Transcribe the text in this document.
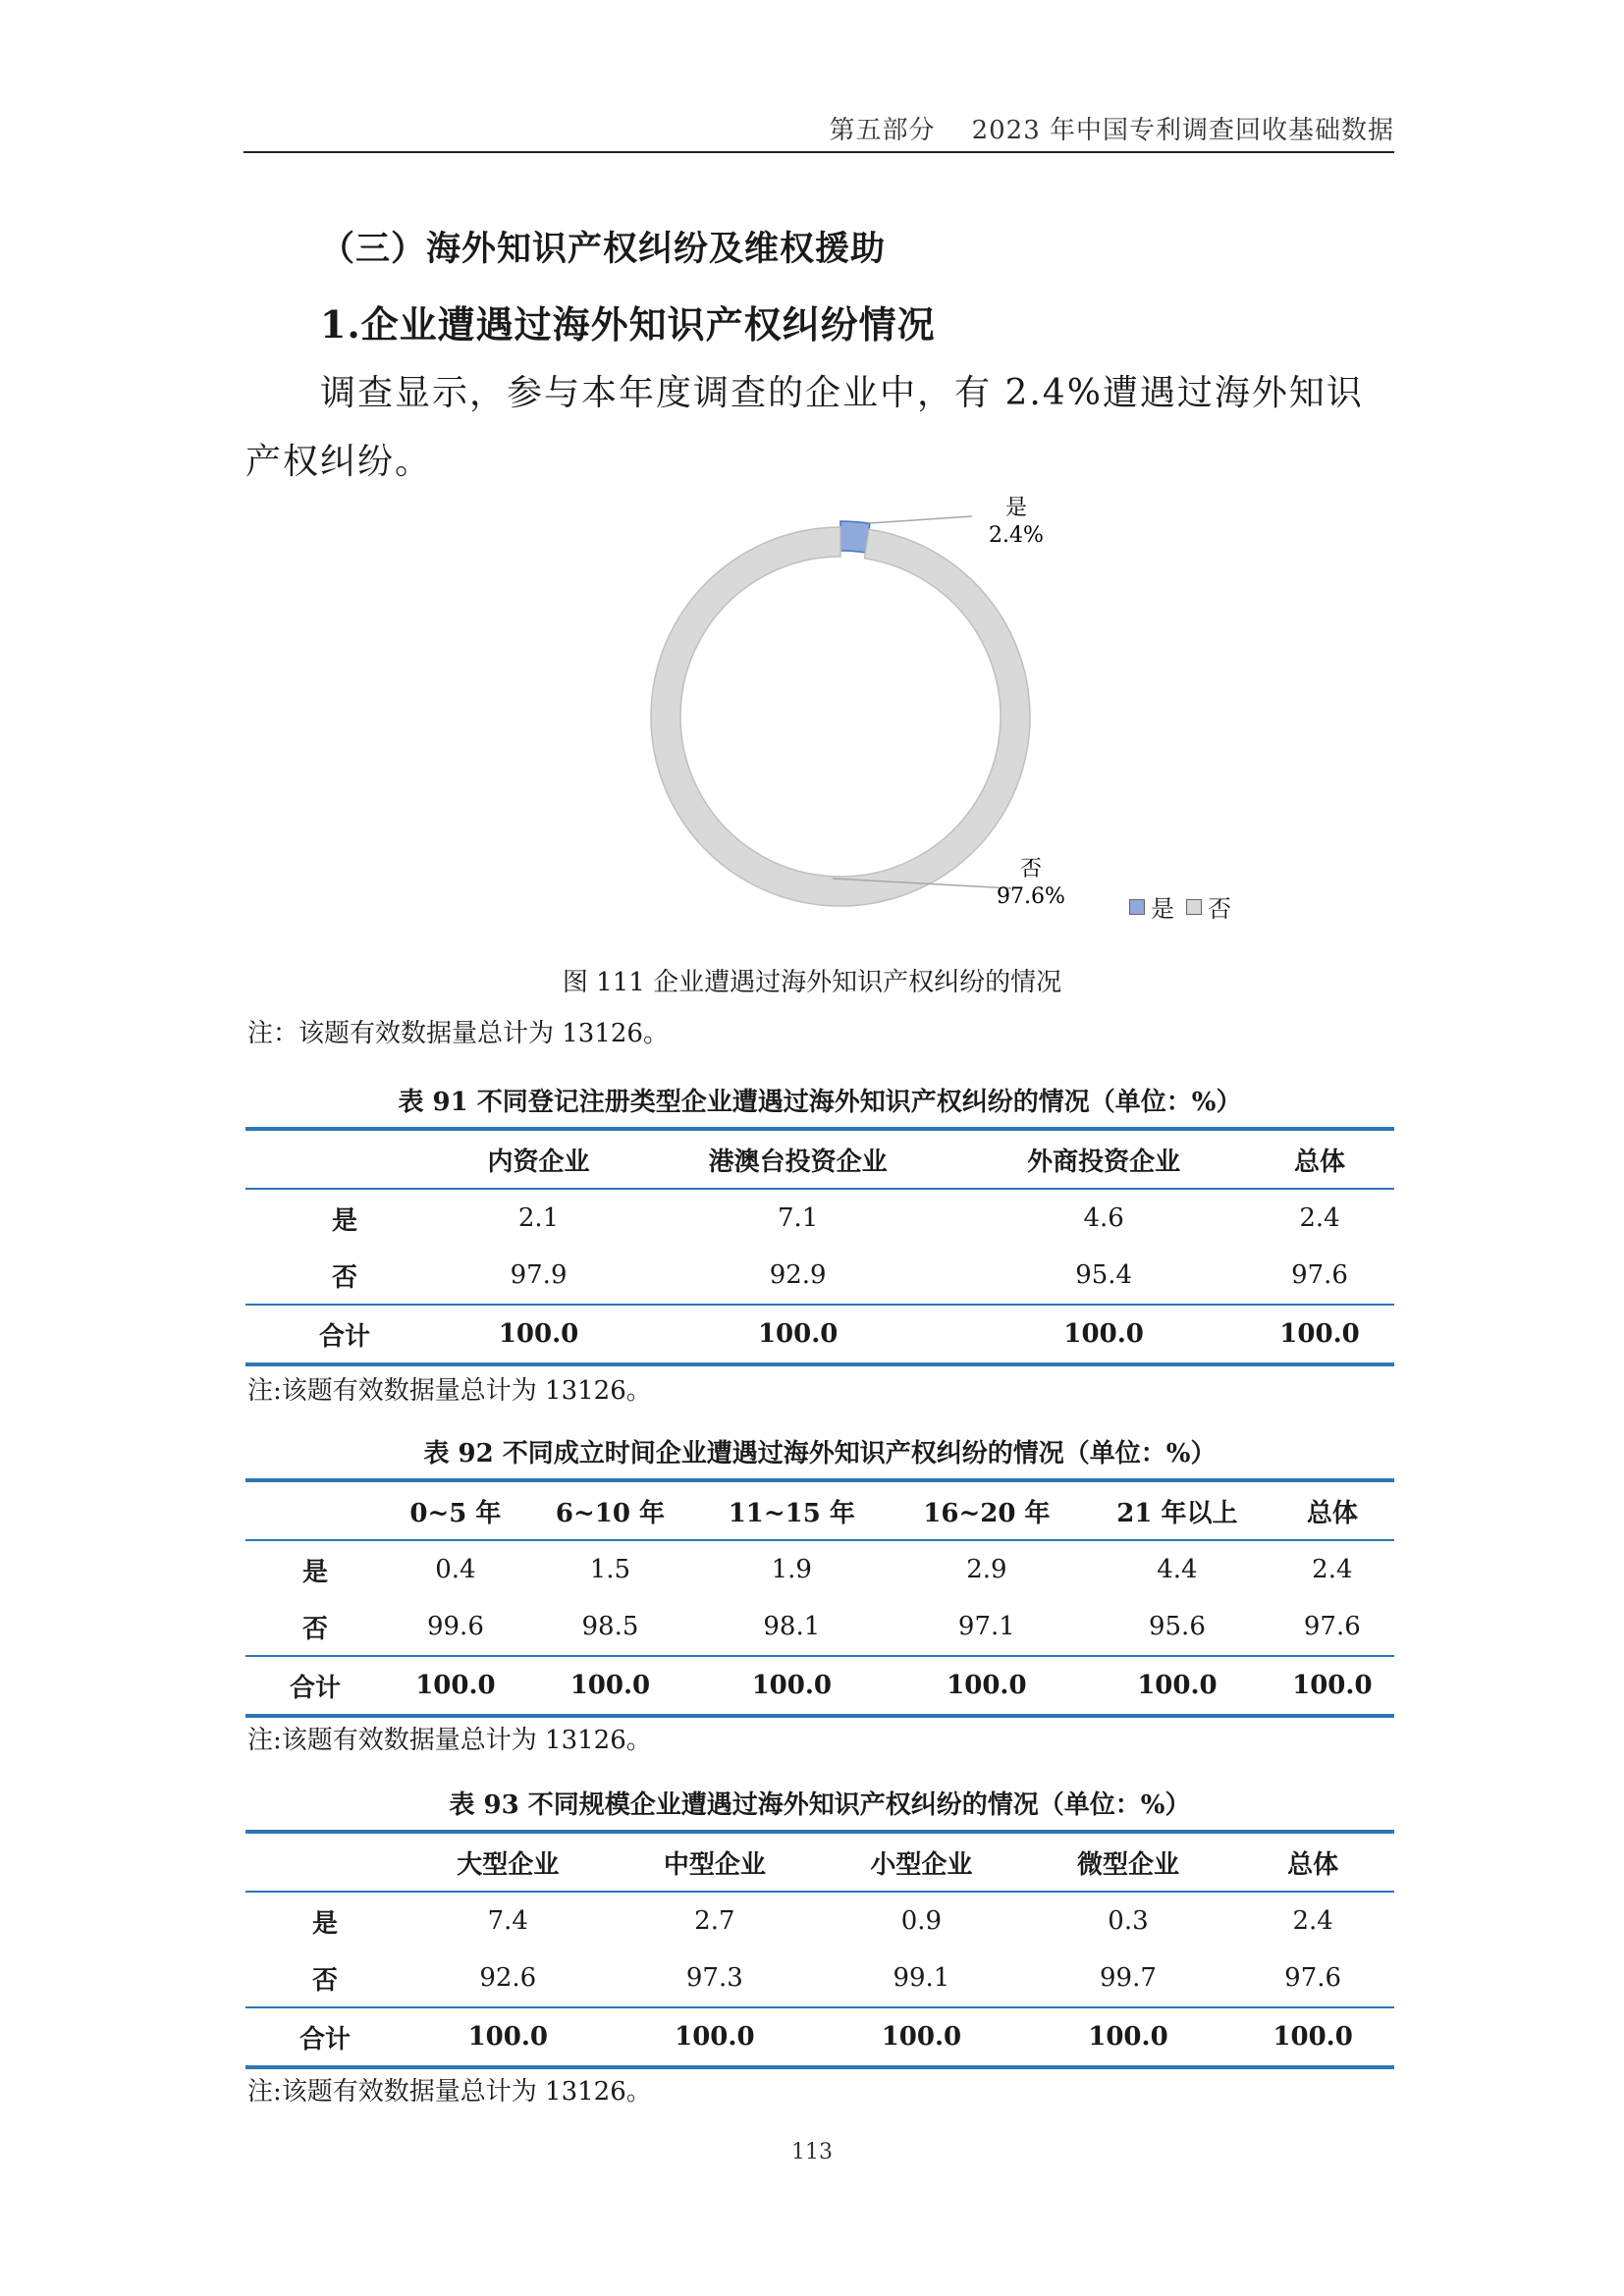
第五部分 2023 年中国专利调查回收基础数据
（三）海外知识产权纠纷及维权援助
1.企业遭遇过海外知识产权纠纷情况
调查显示，参与本年度调查的企业中，有 2.4%遭遇过海外知识
产权纠纷。
是
2.4%
否
97.6%	是 否
图 111 企业遭遇过海外知识产权纠纷的情况
注：该题有效数据量总计为 13126。
表 91 不同登记注册类型企业遭遇过海外知识产权纠纷的情况（单位：%）
	内资企业	港澳台投资企业	外商投资企业	总体
是	2.1	7.1	4.6	2.4
否	97.9	92.9	95.4	97.6
合计	100.0	100.0	100.0	100.0
注:该题有效数据量总计为 13126。
表 92 不同成立时间企业遭遇过海外知识产权纠纷的情况（单位：%）
	0~5 年	6~10 年	11~15 年	16~20 年	21 年以上	总体
是	0.4	1.5	1.9	2.9	4.4	2.4
否	99.6	98.5	98.1	97.1	95.6	97.6
合计	100.0	100.0	100.0	100.0	100.0	100.0
注:该题有效数据量总计为 13126。
表 93 不同规模企业遭遇过海外知识产权纠纷的情况（单位：%）
	大型企业	中型企业	小型企业	微型企业	总体
是	7.4	2.7	0.9	0.3	2.4
否	92.6	97.3	99.1	99.7	97.6
合计	100.0	100.0	100.0	100.0	100.0
注:该题有效数据量总计为 13126。
113
